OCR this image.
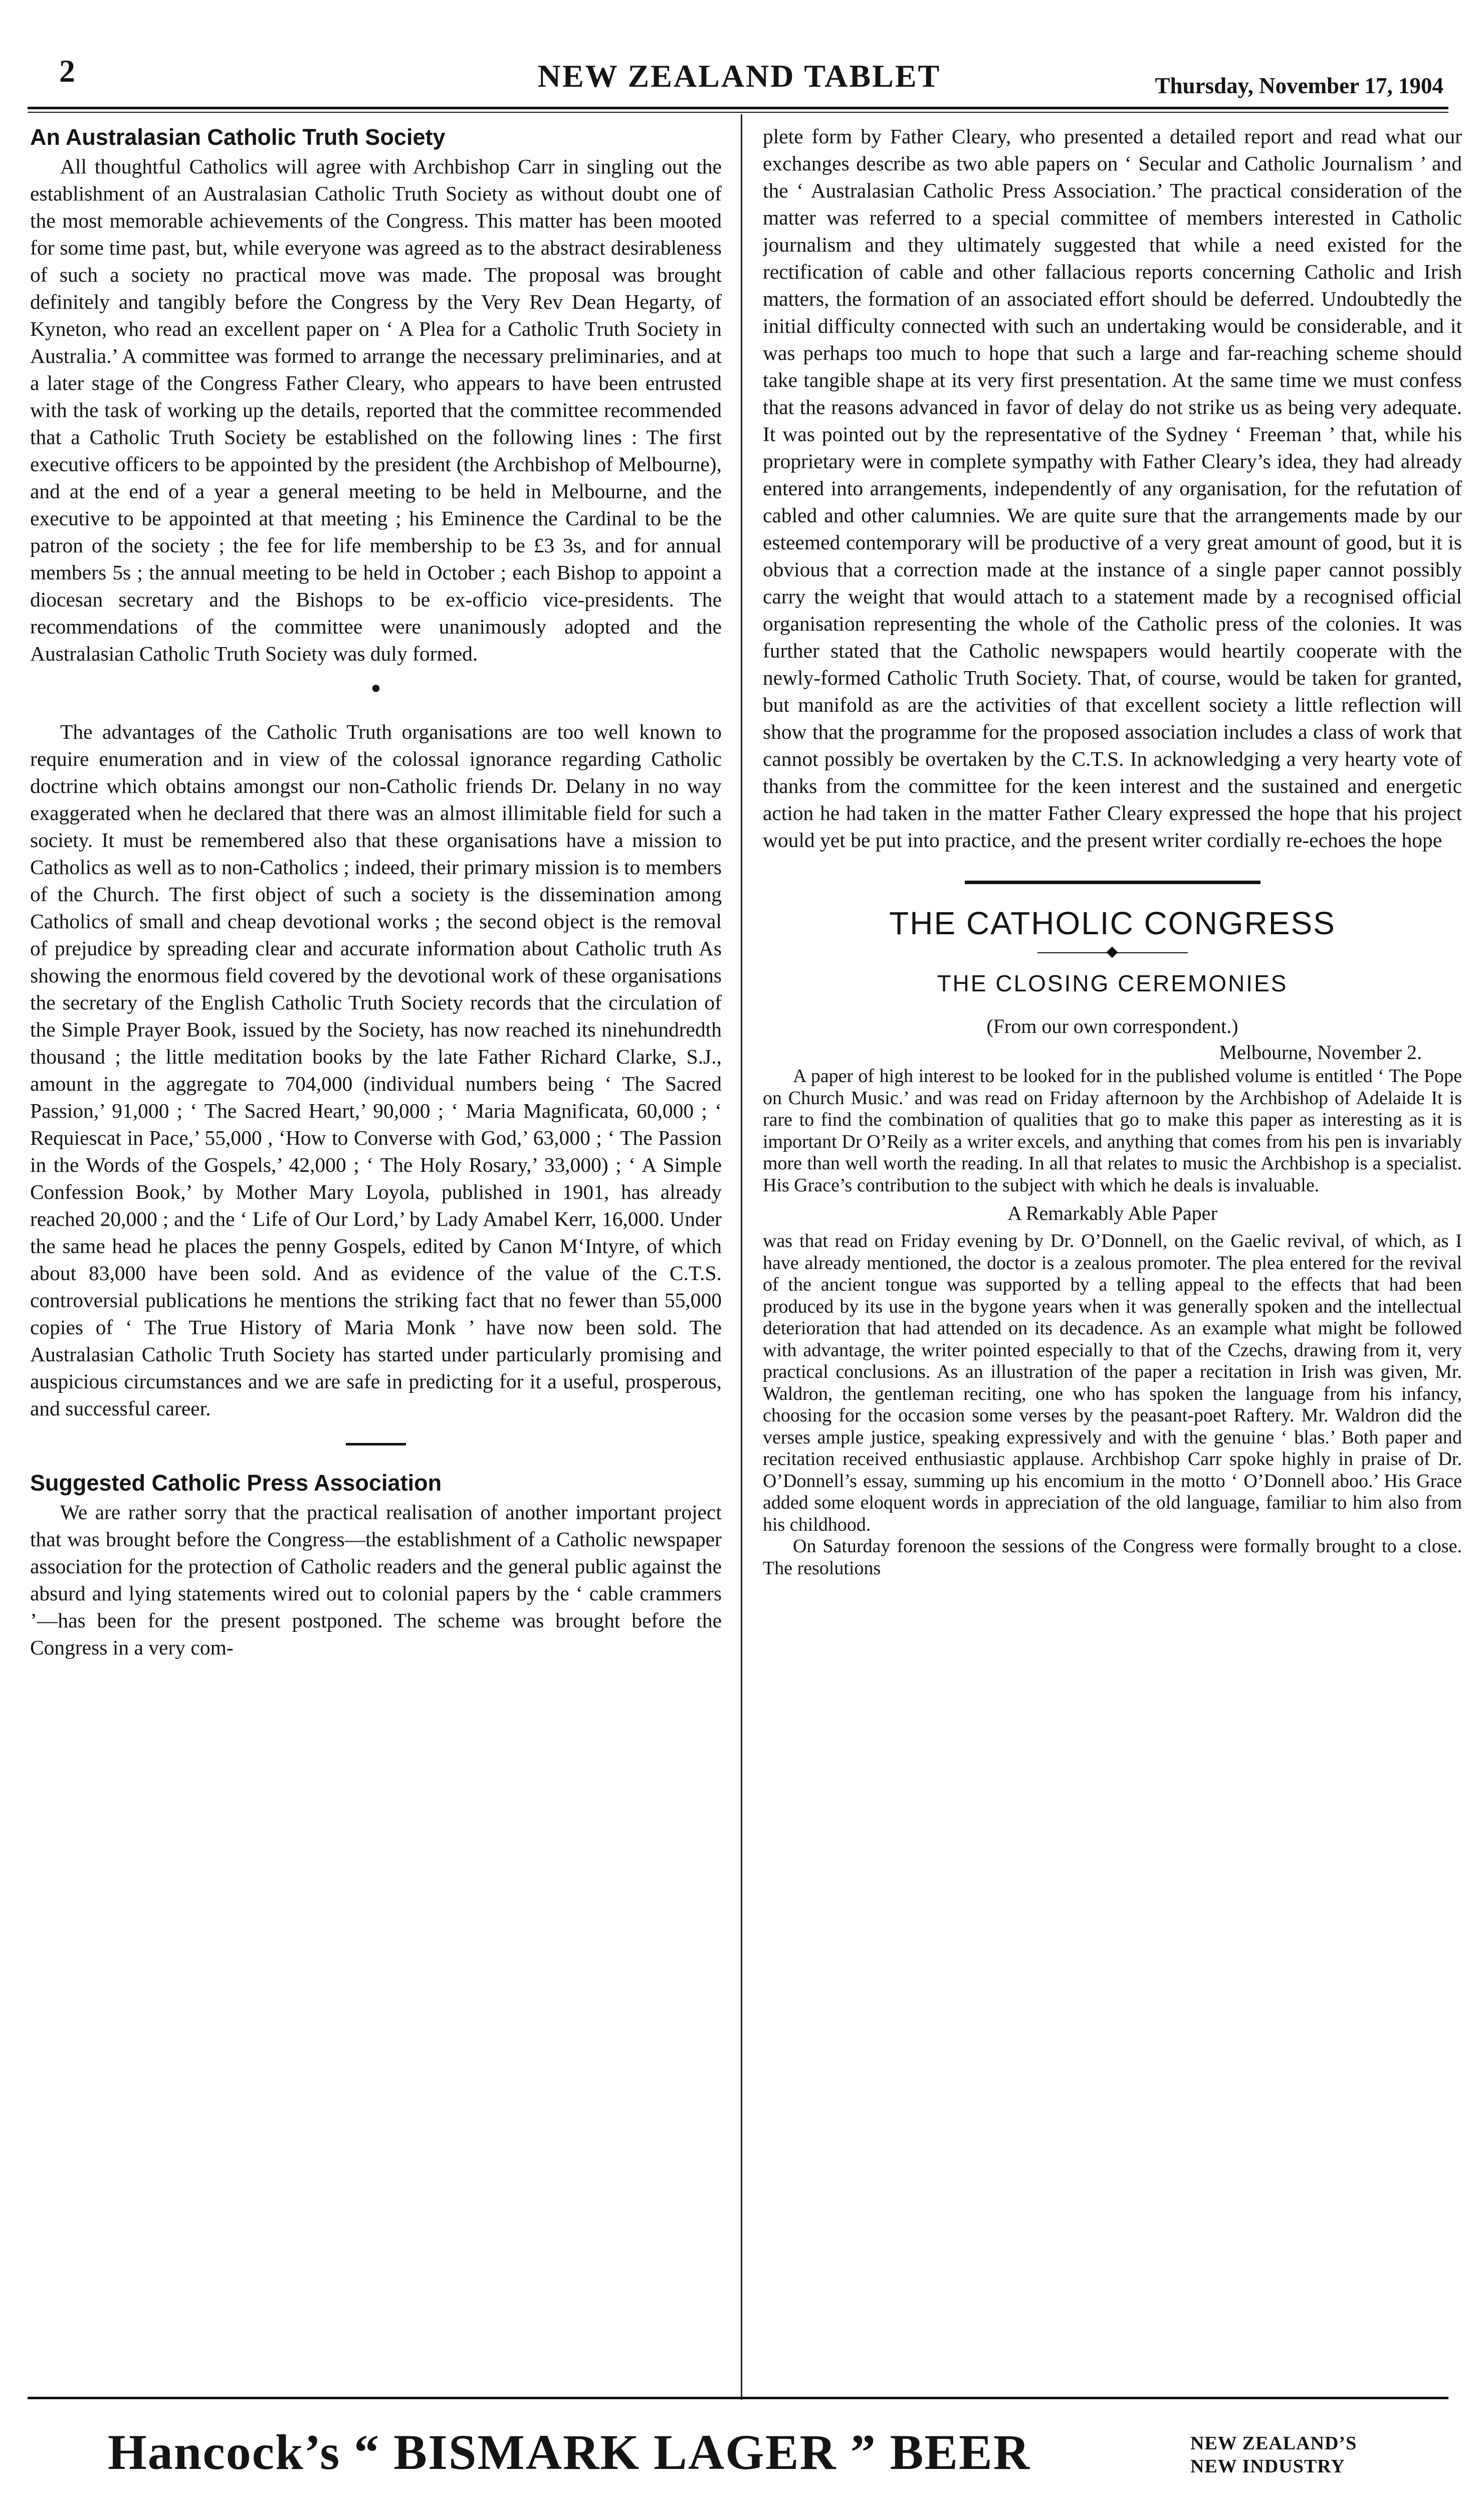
2	NEW ZEALAND TABLET	Thursday, November 17, 1904
An Australasian Catholic Truth Society

All thoughtful Catholics will agree with Archbishop Carr in singling out the establishment of an Australasian Catholic Truth Society as without doubt one of the most memorable achievements of the Congress. This matter has been mooted for some time past, but, while everyone was agreed as to the abstract desirableness of such a society no practical move was made. The proposal was brought definitely and tangibly before the Congress by the Very Rev Dean Hegarty, of Kyneton, who read an excellent paper on ‘ A Plea for a Catholic Truth Society in Australia.’ A committee was formed to arrange the necessary preliminaries, and at a later stage of the Congress Father Cleary, who appears to have been entrusted with the task of working up the details, reported that the committee recommended that a Catholic Truth Society be established on the following lines : The first executive officers to be appointed by the president (the Archbishop of Melbourne), and at the end of a year a general meeting to be held in Melbourne, and the executive to be appointed at that meeting ; his Eminence the Cardinal to be the patron of the society ; the fee for life membership to be £3 3s, and for annual members 5s ; the annual meeting to be held in October ; each Bishop to appoint a diocesan secretary and the Bishops to be ex-officio vice-presidents. The recommendations of the committee were unanimously adopted and the Australasian Catholic Truth Society was duly formed.

●

The advantages of the Catholic Truth organisations are too well known to require enumeration and in view of the colossal ignorance regarding Catholic doctrine which obtains amongst our non-Catholic friends Dr. Delany in no way exaggerated when he declared that there was an almost illimitable field for such a society. It must be remembered also that these organisations have a mission to Catholics as well as to non-Catholics ; indeed, their primary mission is to members of the Church. The first object of such a society is the dissemination among Catholics of small and cheap devotional works ; the second object is the removal of prejudice by spreading clear and accurate information about Catholic truth As showing the enormous field covered by the devotional work of these organisations the secretary of the English Catholic Truth Society records that the circulation of the Simple Prayer Book, issued by the Society, has now reached its ninehundredth thousand ; the little meditation books by the late Father Richard Clarke, S.J., amount in the aggregate to 704,000 (individual numbers being ‘ The Sacred Passion,’ 91,000 ; ‘ The Sacred Heart,’ 90,000 ; ‘ Maria Magnificata, 60,000 ; ‘ Requiescat in Pace,’ 55,000 , ‘How to Converse with God,’ 63,000 ; ‘ The Passion in the Words of the Gospels,’ 42,000 ; ‘ The Holy Rosary,’ 33,000) ; ‘ A Simple Confession Book,’ by Mother Mary Loyola, published in 1901, has already reached 20,000 ; and the ‘ Life of Our Lord,’ by Lady Amabel Kerr, 16,000. Under the same head he places the penny Gospels, edited by Canon M‘Intyre, of which about 83,000 have been sold. And as evidence of the value of the C.T.S. controversial publications he mentions the striking fact that no fewer than 55,000 copies of ‘ The True History of Maria Monk ’ have now been sold. The Australasian Catholic Truth Society has started under particularly promising and auspicious circumstances and we are safe in predicting for it a useful, prosperous, and successful career.

Suggested Catholic Press Association

We are rather sorry that the practical realisation of another important project that was brought before the Congress—the establishment of a Catholic newspaper association for the protection of Catholic readers and the general public against the absurd and lying statements wired out to colonial papers by the ‘ cable crammers ’—has been for the present postponed. The scheme was brought before the Congress in a very com-

plete form by Father Cleary, who presented a detailed report and read what our exchanges describe as two able papers on ‘ Secular and Catholic Journalism ’ and the ‘ Australasian Catholic Press Association.’ The practical consideration of the matter was referred to a special committee of members interested in Catholic journalism and they ultimately suggested that while a need existed for the rectification of cable and other fallacious reports concerning Catholic and Irish matters, the formation of an associated effort should be deferred. Undoubtedly the initial difficulty connected with such an undertaking would be considerable, and it was perhaps too much to hope that such a large and far-reaching scheme should take tangible shape at its very first presentation. At the same time we must confess that the reasons advanced in favor of delay do not strike us as being very adequate. It was pointed out by the representative of the Sydney ‘ Freeman ’ that, while his proprietary were in complete sympathy with Father Cleary’s idea, they had already entered into arrangements, independently of any organisation, for the refutation of cabled and other calumnies. We are quite sure that the arrangements made by our esteemed contemporary will be productive of a very great amount of good, but it is obvious that a correction made at the instance of a single paper cannot possibly carry the weight that would attach to a statement made by a recognised official organisation representing the whole of the Catholic press of the colonies. It was further stated that the Catholic newspapers would heartily cooperate with the newly-formed Catholic Truth Society. That, of course, would be taken for granted, but manifold as are the activities of that excellent society a little reflection will show that the programme for the proposed association includes a class of work that cannot possibly be overtaken by the C.T.S. In acknowledging a very hearty vote of thanks from the committee for the keen interest and the sustained and energetic action he had taken in the matter Father Cleary expressed the hope that his project would yet be put into practice, and the present writer cordially re-echoes the hope

THE CATHOLIC CONGRESS
THE CLOSING CEREMONIES
(From our own correspondent.)
Melbourne, November 2.

A paper of high interest to be looked for in the published volume is entitled ‘ The Pope on Church Music.’ and was read on Friday afternoon by the Archbishop of Adelaide It is rare to find the combination of qualities that go to make this paper as interesting as it is important Dr O’Reily as a writer excels, and anything that comes from his pen is invariably more than well worth the reading. In all that relates to music the Archbishop is a specialist. His Grace’s contribution to the subject with which he deals is invaluable.

A Remarkably Able Paper

was that read on Friday evening by Dr. O’Donnell, on the Gaelic revival, of which, as I have already mentioned, the doctor is a zealous promoter. The plea entered for the revival of the ancient tongue was supported by a telling appeal to the effects that had been produced by its use in the bygone years when it was generally spoken and the intellectual deterioration that had attended on its decadence. As an example what might be followed with advantage, the writer pointed especially to that of the Czechs, drawing from it, very practical conclusions. As an illustration of the paper a recitation in Irish was given, Mr. Waldron, the gentleman reciting, one who has spoken the language from his infancy, choosing for the occasion some verses by the peasant-poet Raftery. Mr. Waldron did the verses ample justice, speaking expressively and with the genuine ‘ blas.’ Both paper and recitation received enthusiastic applause. Archbishop Carr spoke highly in praise of Dr. O’Donnell’s essay, summing up his encomium in the motto ‘ O’Donnell aboo.’ His Grace added some eloquent words in appreciation of the old language, familiar to him also from his childhood.

On Saturday forenoon the sessions of the Congress were formally brought to a close. The resolutions

Hancock’s “ BISMARK LAGER ” BEER	NEW ZEALAND’S
NEW INDUSTRY
